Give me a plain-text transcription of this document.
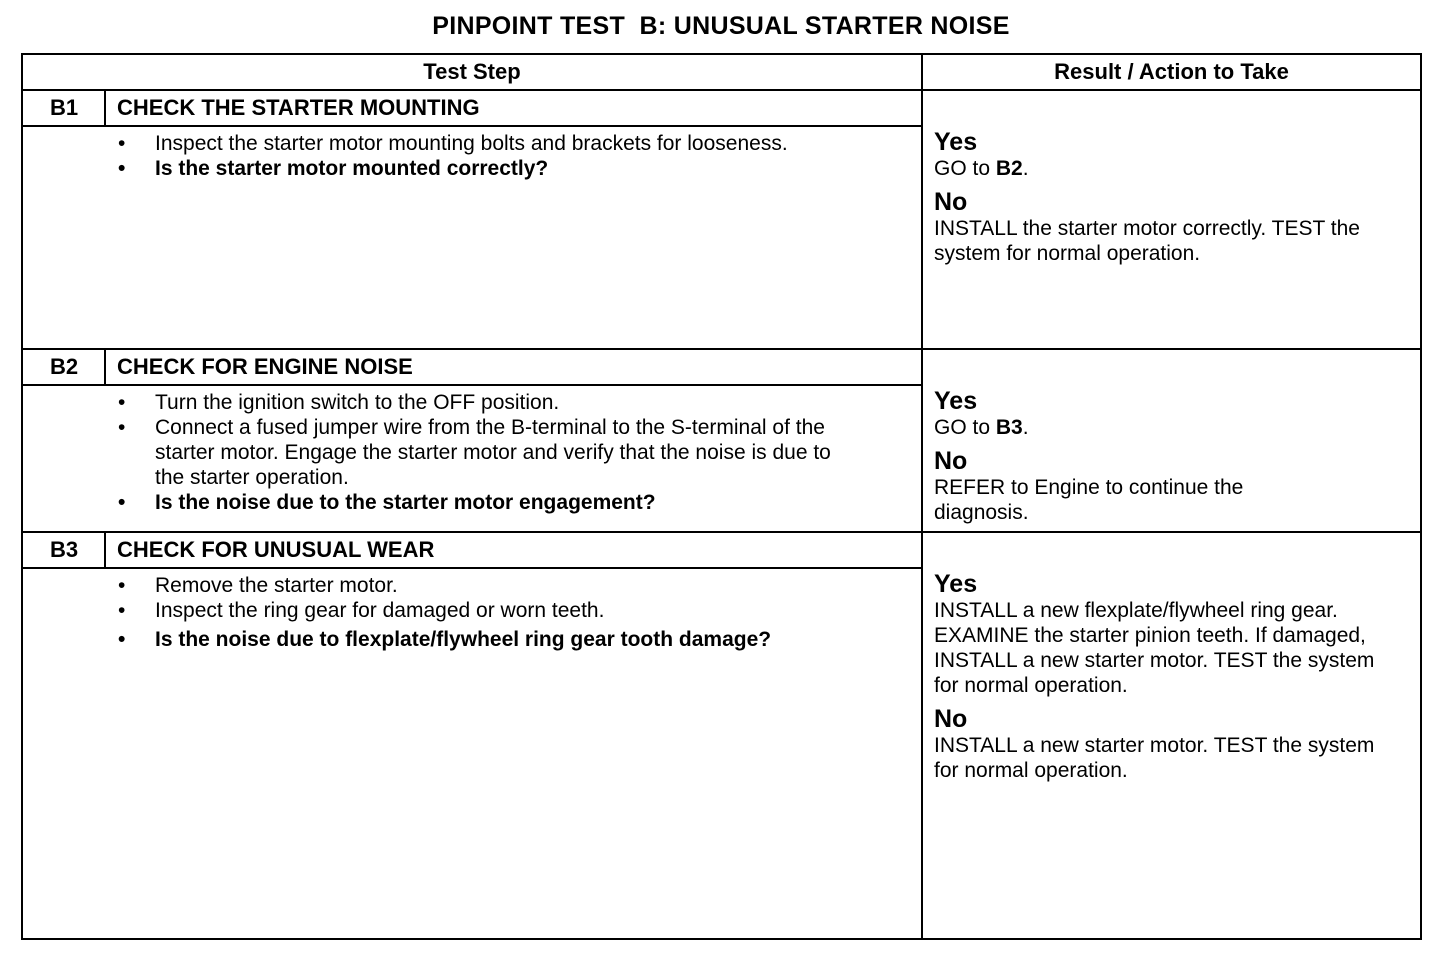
PINPOINT TEST  B: UNUSUAL STARTER NOISE
Test Step	Result / Action to Take
B1	CHECK THE STARTER MOUNTING
• Inspect the starter motor mounting bolts and brackets for looseness.
• Is the starter motor mounted correctly?
Yes
GO to B2.
No
INSTALL the starter motor correctly. TEST the system for normal operation.
B2	CHECK FOR ENGINE NOISE
• Turn the ignition switch to the OFF position.
• Connect a fused jumper wire from the B-terminal to the S-terminal of the starter motor. Engage the starter motor and verify that the noise is due to the starter operation.
• Is the noise due to the starter motor engagement?
Yes
GO to B3.
No
REFER to Engine to continue the diagnosis.
B3	CHECK FOR UNUSUAL WEAR
• Remove the starter motor.
• Inspect the ring gear for damaged or worn teeth.
• Is the noise due to flexplate/flywheel ring gear tooth damage?
Yes
INSTALL a new flexplate/flywheel ring gear. EXAMINE the starter pinion teeth. If damaged, INSTALL a new starter motor. TEST the system for normal operation.
No
INSTALL a new starter motor. TEST the system for normal operation.
